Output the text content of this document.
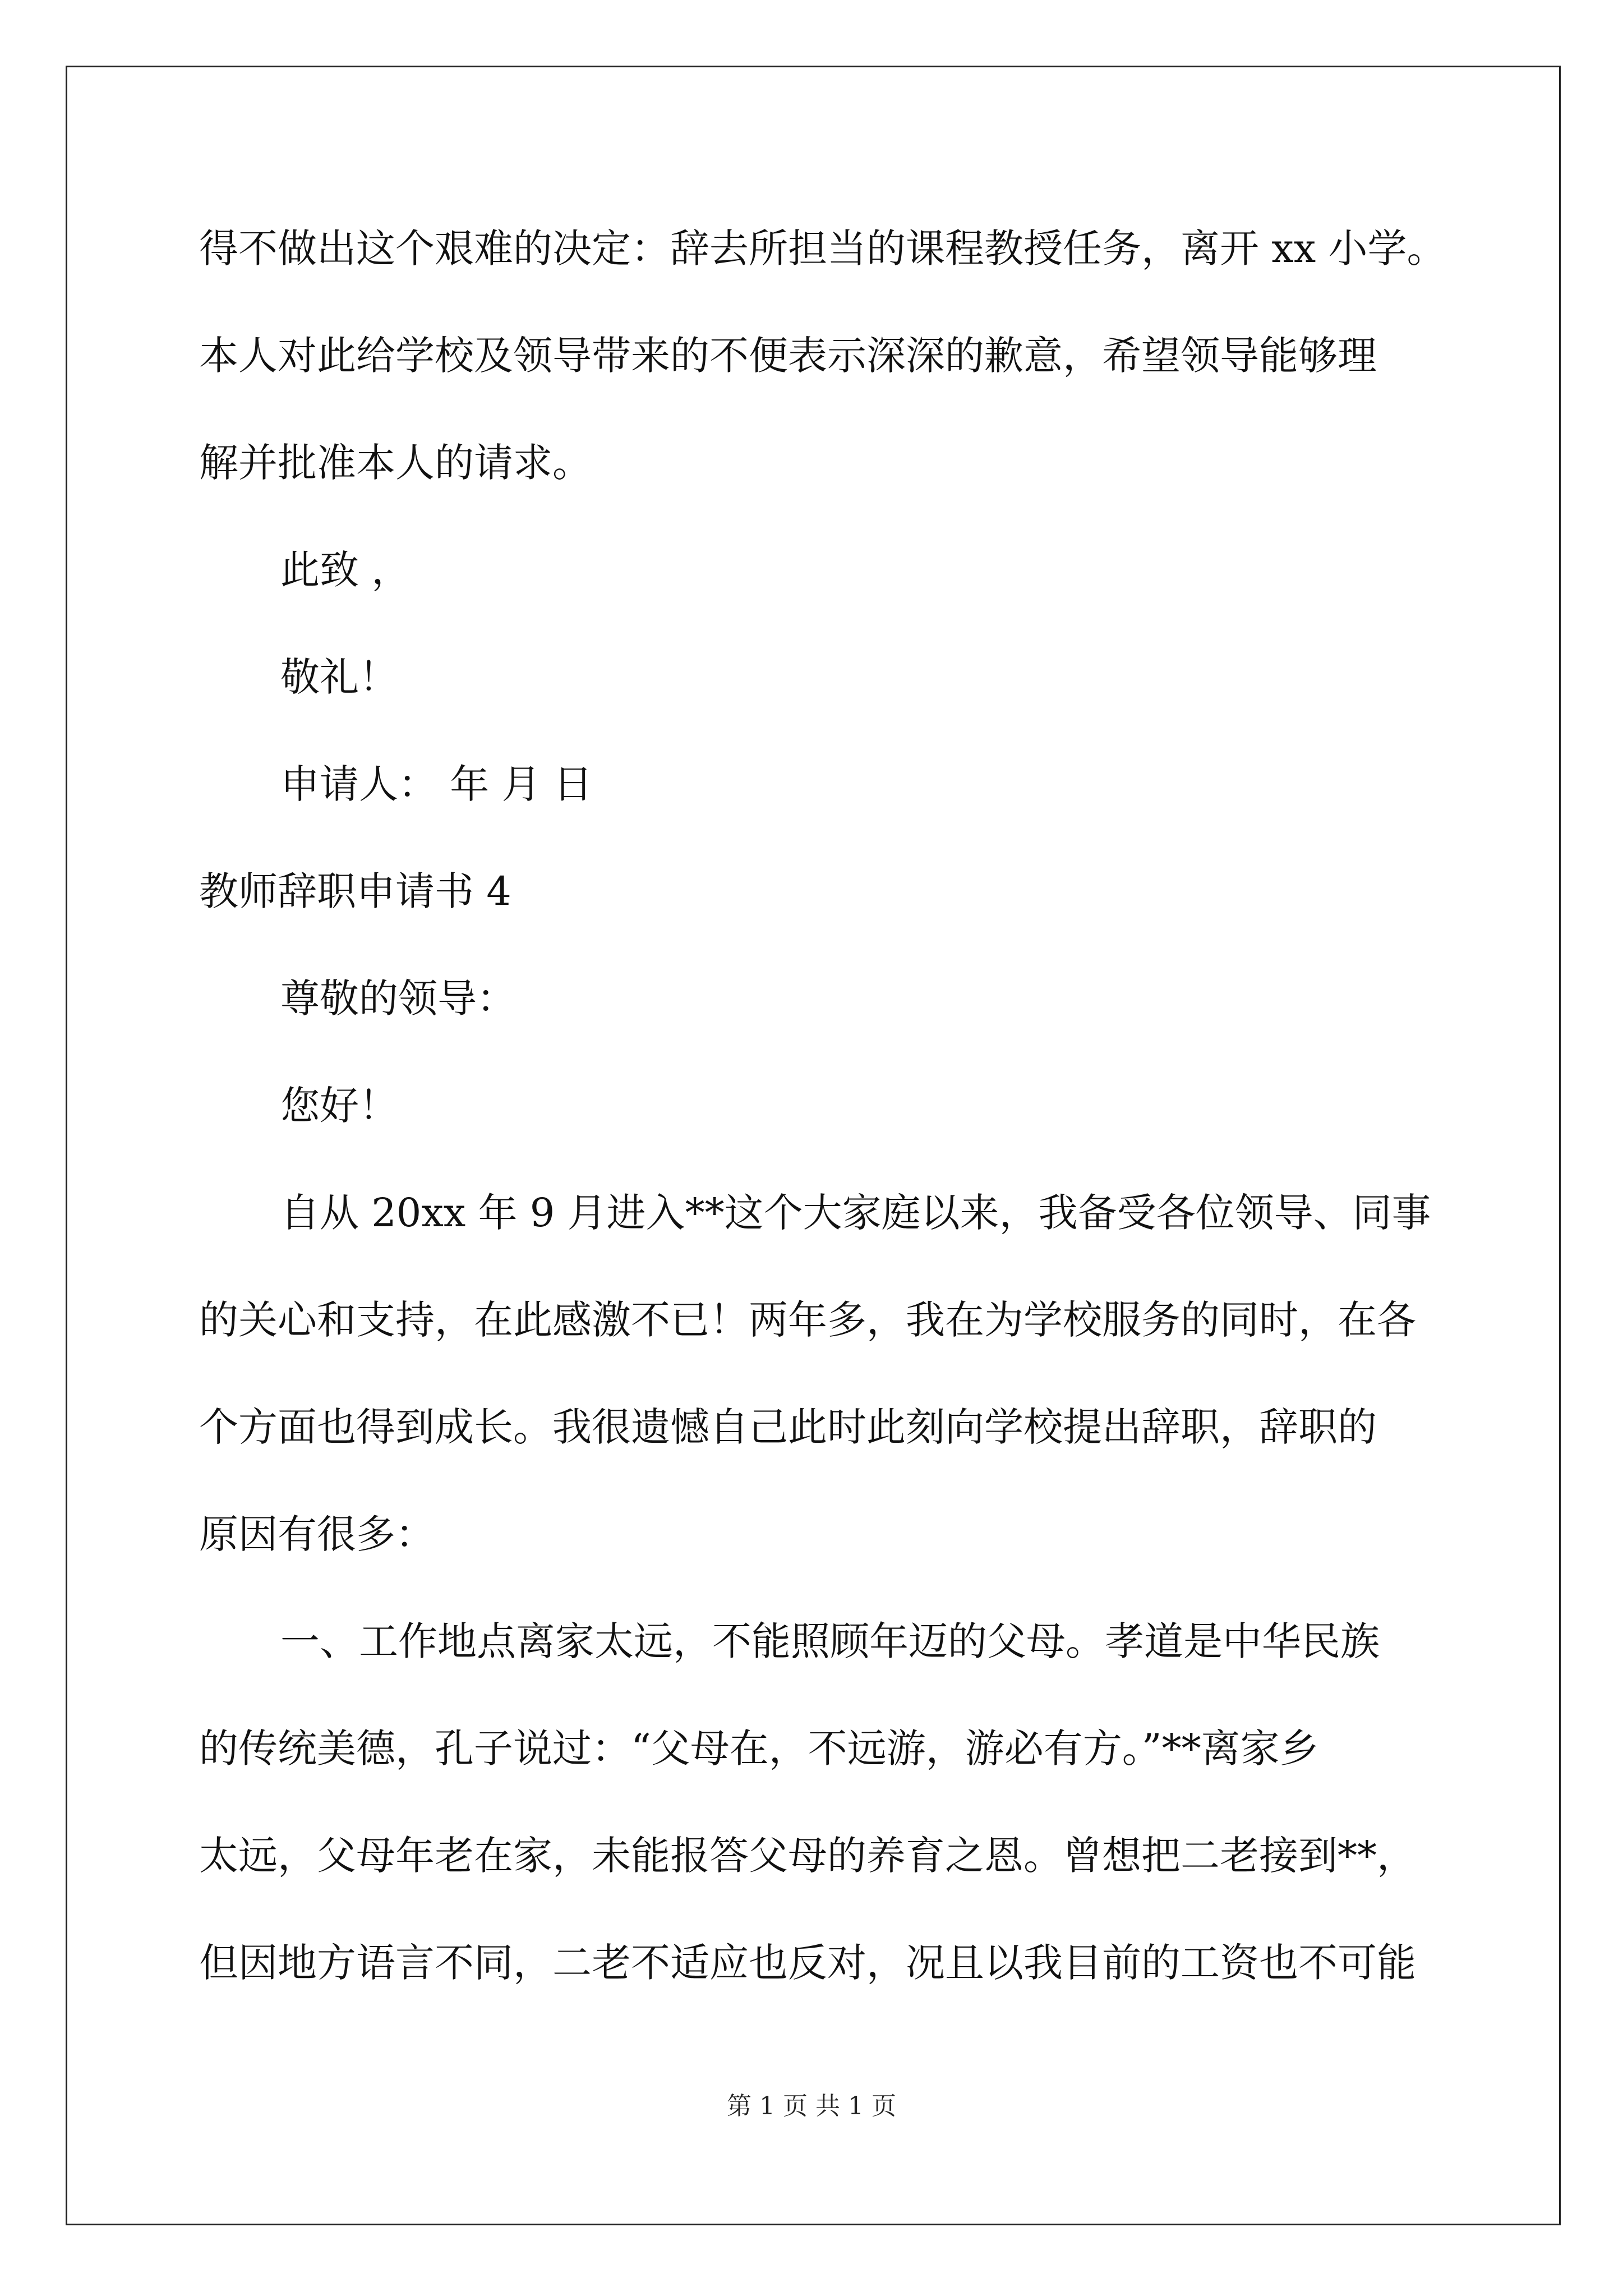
得不做出这个艰难的决定：辞去所担当的课程教授任务，离开 xx 小学。
本人对此给学校及领导带来的不便表示深深的歉意，希望领导能够理
解并批准本人的请求。
此致 ，
敬礼！
申请人： 年 月 日
教师辞职申请书 4
尊敬的领导：
您好！
自从 20xx 年 9 月进入**这个大家庭以来，我备受各位领导、同事
的关心和支持，在此感激不已！两年多，我在为学校服务的同时，在各
个方面也得到成长。我很遗憾自己此时此刻向学校提出辞职，辞职的
原因有很多：
一、工作地点离家太远，不能照顾年迈的父母。孝道是中华民族
的传统美德，孔子说过：“父母在，不远游，游必有方。”**离家乡
太远，父母年老在家，未能报答父母的养育之恩。曾想把二老接到**，
但因地方语言不同，二老不适应也反对，况且以我目前的工资也不可能
第 1 页 共 1 页
